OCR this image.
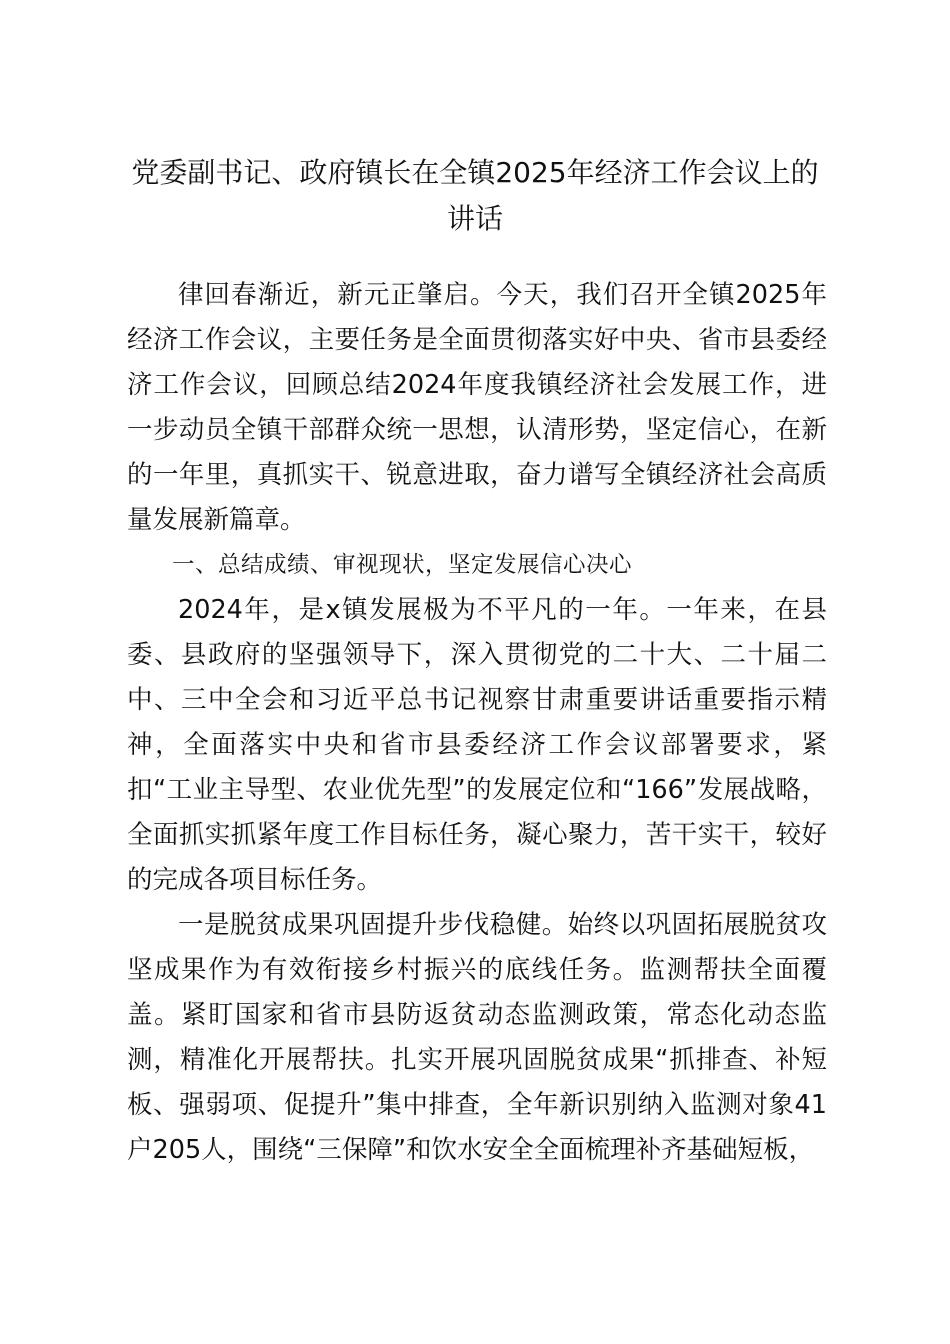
党委副书记、政府镇长在全镇2025年经济工作会议上的讲话

律回春渐近，新元正肇启。今天，我们召开全镇2025年经济工作会议，主要任务是全面贯彻落实好中央、省市县委经济工作会议，回顾总结2024年度我镇经济社会发展工作，进一步动员全镇干部群众统一思想，认清形势，坚定信心，在新的一年里，真抓实干、锐意进取，奋力谱写全镇经济社会高质量发展新篇章。

一、总结成绩、审视现状，坚定发展信心决心

2024年，是x镇发展极为不平凡的一年。一年来，在县委、县政府的坚强领导下，深入贯彻党的二十大、二十届二中、三中全会和习近平总书记视察甘肃重要讲话重要指示精神，全面落实中央和省市县委经济工作会议部署要求，紧扣“工业主导型、农业优先型”的发展定位和“166”发展战略，全面抓实抓紧年度工作目标任务，凝心聚力，苦干实干，较好的完成各项目标任务。

一是脱贫成果巩固提升步伐稳健。始终以巩固拓展脱贫攻坚成果作为有效衔接乡村振兴的底线任务。监测帮扶全面覆盖。紧盯国家和省市县防返贫动态监测政策，常态化动态监测，精准化开展帮扶。扎实开展巩固脱贫成果“抓排查、补短板、强弱项、促提升”集中排查，全年新识别纳入监测对象41户205人，围绕“三保障”和饮水安全全面梳理补齐基础短板，
